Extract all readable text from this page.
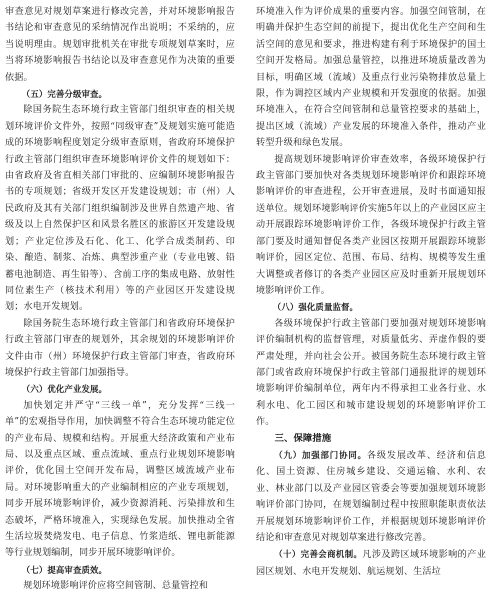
审查意见对规划草案进行修改完善，并对环境影响报告书结论和审查意见的采纳情况作出说明；不采纳的，应当说明理由。规划审批机关在审批专项规划草案时，应当将环境影响报告书结论以及审查意见作为决策的重要依据。

（五）完善分级审查。

除国务院生态环境行政主管部门组织审查的相关规划环境评价文件外，按照“同级审查”及规划实施可能造成的环境影响程度划定分级审查原则，省政府环境保护行政主管部门组织审查环境影响评价文件的规划如下：由省政府及省直相关部门审批的、应编制环境影响报告书的专项规划；省级开发区开发建设规划；市（州）人民政府及其有关部门组织编制涉及世界自然遗产地、省级及以上自然保护区和风景名胜区的旅游区开发建设规划；产业定位涉及石化、化工、化学合成类制药、印染、酿造、制浆、冶炼、典型涉重产业（专业电镀、铅蓄电池制造、再生铅等）、含前工序的集成电路、放射性同位素生产（核技术利用）等的产业园区开发建设规划；水电开发规划。

除国务院生态环境行政主管部门和省政府环境保护行政主管部门审查的规划外，其余规划的环境影响评价文件由市（州）环境保护行政主管部门审查，省政府环境保护行政主管部门加强指导。

（六）优化产业发展。

加快划定并严守“三线一单”，充分发挥“三线一单”的宏观指导作用，加快调整不符合生态环境功能定位的产业布局、规模和结构。开展重大经济政策和产业布局、以及重点区域、重点流域、重点行业规划环境影响评价，优化国土空间开发布局，调整区域流域产业布局。对环境影响重大的产业编制相应的产业专项规划，同步开展环境影响评价，减少资源消耗、污染排放和生态破坏，严格环境准入，实现绿色发展。加快推动全省生活垃圾焚烧发电、电子信息、竹浆造纸、锂电新能源等行业规划编制，同步开展环境影响评价。

（七）提高审查质效。

规划环境影响评价应将空间管制、总量管控和

环境准入作为评价成果的重要内容。加强空间管制，在明确并保护生态空间的前提下，提出优化生产空间和生活空间的意见和要求，推进构建有利于环境保护的国土空间开发格局。加强总量管控，以推进环境质量改善为目标，明确区域（流域）及重点行业污染物排放总量上限，作为调控区域内产业规模和开发强度的依据。加强环境准入，在符合空间管制和总量管控要求的基础上，提出区域（流域）产业发展的环境准入条件，推动产业转型升级和绿色发展。

提高规划环境影响评价审查效率，各级环境保护行政主管部门要加快对各类规划环境影响评价和跟踪环境影响评价的审查进程，公开审查进展，及时书面通知报送单位。规划环境影响评价实施5年以上的产业园区应主动开展跟踪环境影响评价工作，各级环境保护行政主管部门要及时通知督促各类产业园区按期开展跟踪环境影响评价，园区定位、范围、布局、结构、规模等发生重大调整或者修订的各类产业园区应及时重新开展规划环境影响评价工作。

（八）强化质量监督。

各级环境保护行政主管部门要加强对规划环境影响评价编制机构的监督管理，对质量低劣、弄虚作假的要严肃处理，并向社会公开。被国务院生态环境行政主管部门或省政府环境保护行政主管部门通报批评的规划环境影响评价编制单位，两年内不得承担工业各行业、水利水电、化工园区和城市建设规划的环境影响评价工作。

三、保障措施

（九）加强部门协同。各级发展改革、经济和信息化、国土资源、住房城乡建设、交通运输、水利、农业、林业部门以及产业园区管委会等要加强规划环境影响评价部门协同，在规划编制过程中按照职能职责依法开展规划环境影响评价工作，并根据规划环境影响评价结论和审查意见对规划草案进行修改完善。

（十）完善会商机制。凡涉及跨区域环境影响的产业园区规划、水电开发规划、航运规划、生活垃
